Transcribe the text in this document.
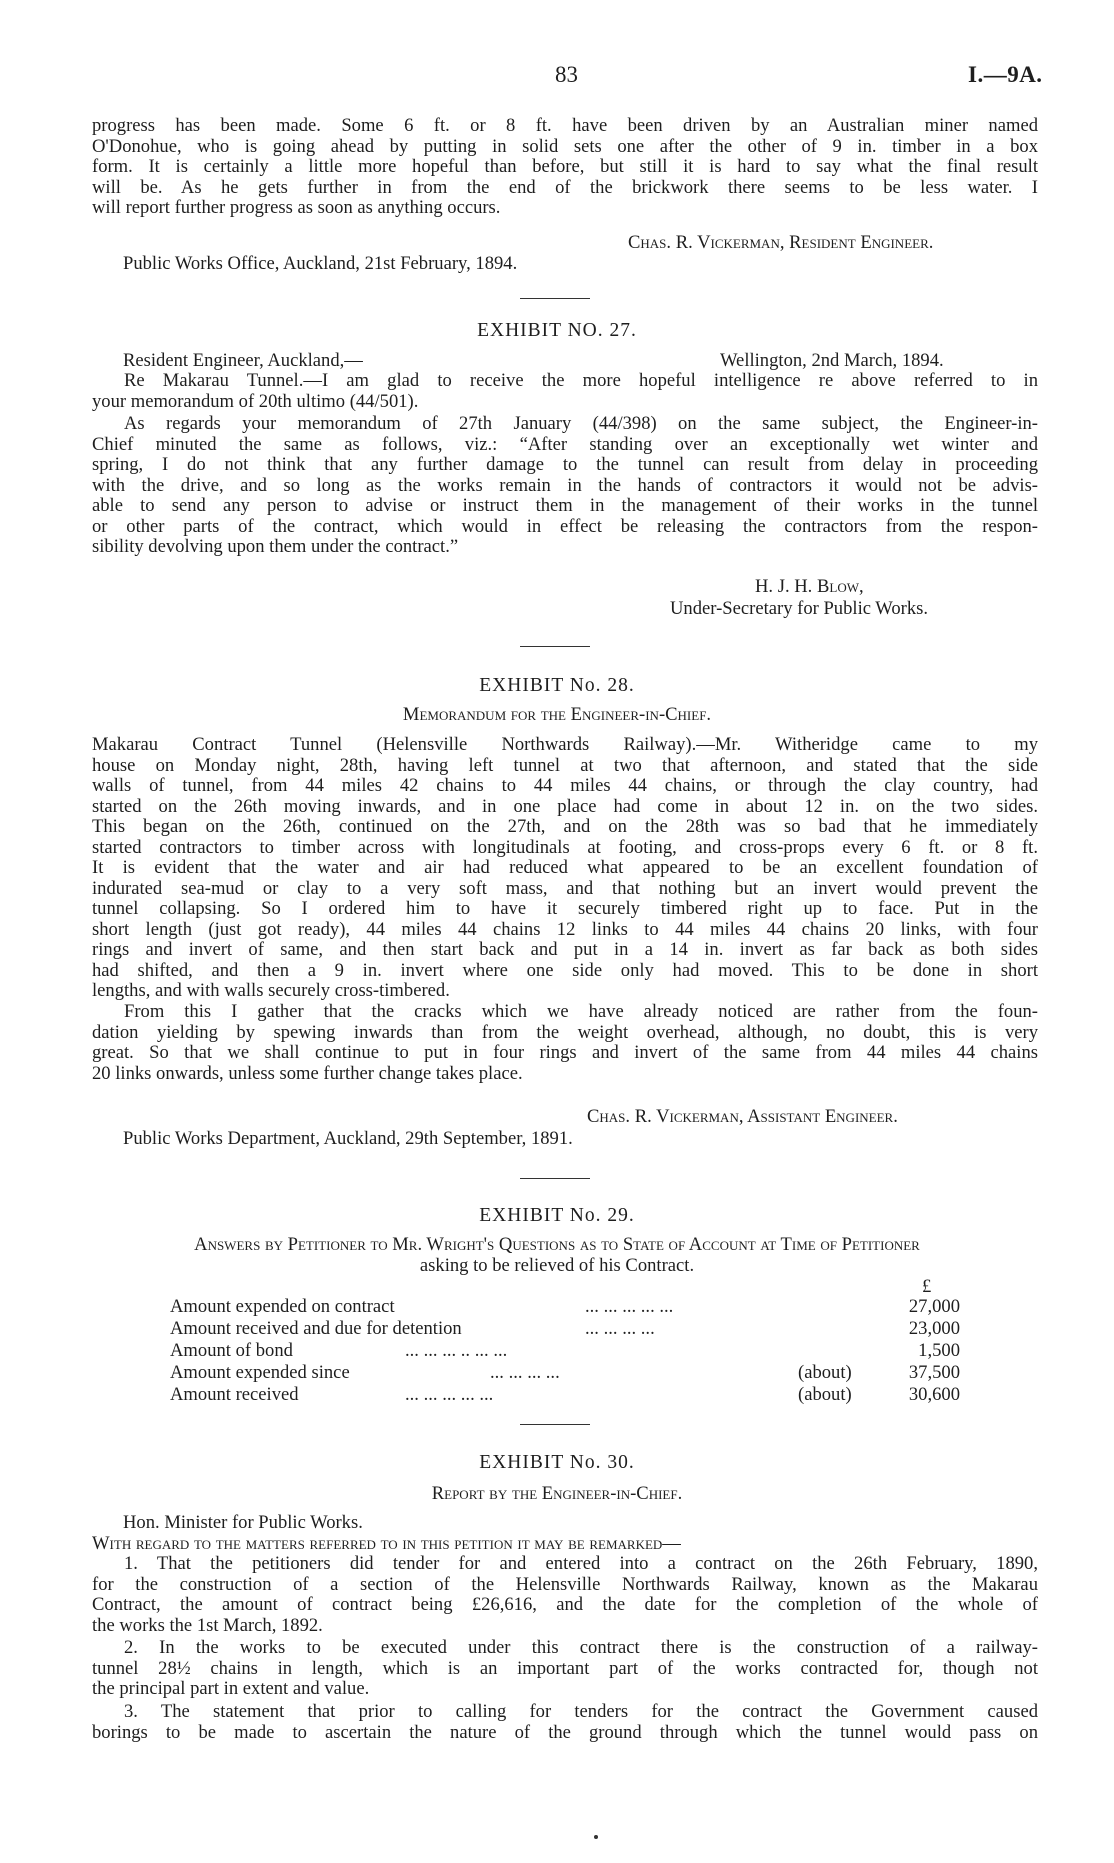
83	I.—9A.

progress has been made. Some 6 ft. or 8 ft. have been driven by an Australian miner named

O'Donohue, who is going ahead by putting in solid sets one after the other of 9 in. timber in a box

form. It is certainly a little more hopeful than before, but still it is hard to say what the final result

will be. As he gets further in from the end of the brickwork there seems to be less water. I

will report further progress as soon as anything occurs.

Chas. R. Vickerman, Resident Engineer.
Public Works Office, Auckland, 21st February, 1894.
EXHIBIT NO. 27.
Resident Engineer, Auckland,—	Wellington, 2nd March, 1894.

Re Makarau Tunnel.—I am glad to receive the more hopeful intelligence re above referred to in

your memorandum of 20th ultimo (44/501).

As regards your memorandum of 27th January (44/398) on the same subject, the Engineer-in-

Chief minuted the same as follows, viz.: “After standing over an exceptionally wet winter and

spring, I do not think that any further damage to the tunnel can result from delay in proceeding

with the drive, and so long as the works remain in the hands of contractors it would not be advis-

able to send any person to advise or instruct them in the management of their works in the tunnel

or other parts of the contract, which would in effect be releasing the contractors from the respon-

sibility devolving upon them under the contract.”

H. J. H. Blow,
Under-Secretary for Public Works.
EXHIBIT No. 28.
Memorandum for the Engineer-in-Chief.

Makarau Contract Tunnel (Helensville Northwards Railway).—Mr. Witheridge came to my

house on Monday night, 28th, having left tunnel at two that afternoon, and stated that the side

walls of tunnel, from 44 miles 42 chains to 44 miles 44 chains, or through the clay country, had

started on the 26th moving inwards, and in one place had come in about 12 in. on the two sides.

This began on the 26th, continued on the 27th, and on the 28th was so bad that he immediately

started contractors to timber across with longitudinals at footing, and cross-props every 6 ft. or 8 ft.

It is evident that the water and air had reduced what appeared to be an excellent foundation of

indurated sea-mud or clay to a very soft mass, and that nothing but an invert would prevent the

tunnel collapsing. So I ordered him to have it securely timbered right up to face. Put in the

short length (just got ready), 44 miles 44 chains 12 links to 44 miles 44 chains 20 links, with four

rings and invert of same, and then start back and put in a 14 in. invert as far back as both sides

had shifted, and then a 9 in. invert where one side only had moved. This to be done in short

lengths, and with walls securely cross-timbered.

From this I gather that the cracks which we have already noticed are rather from the foun-

dation yielding by spewing inwards than from the weight overhead, although, no doubt, this is very

great. So that we shall continue to put in four rings and invert of the same from 44 miles 44 chains

20 links onwards, unless some further change takes place.

Chas. R. Vickerman, Assistant Engineer.
Public Works Department, Auckland, 29th September, 1891.
EXHIBIT No. 29.
Answers by Petitioner to Mr. Wright's Questions as to State of Account at Time of Petitioner
asking to be relieved of his Contract.
£
Amount expended on contract	... ... ... ... ...	27,000
Amount received and due for detention	... ... ... ...	23,000
Amount of bond	... ... ... .. ... ...	1,500
Amount expended since	... ... ... ...	(about)	37,500
Amount received	... ... ... ... ...	(about)	30,600
EXHIBIT No. 30.
Report by the Engineer-in-Chief.
Hon. Minister for Public Works.
With regard to the matters referred to in this petition it may be remarked—

1. That the petitioners did tender for and entered into a contract on the 26th February, 1890,

for the construction of a section of the Helensville Northwards Railway, known as the Makarau

Contract, the amount of contract being £26,616, and the date for the completion of the whole of

the works the 1st March, 1892.

2. In the works to be executed under this contract there is the construction of a railway-

tunnel 28½ chains in length, which is an important part of the works contracted for, though not

the principal part in extent and value.

3. The statement that prior to calling for tenders for the contract the Government caused

borings to be made to ascertain the nature of the ground through which the tunnel would pass on
